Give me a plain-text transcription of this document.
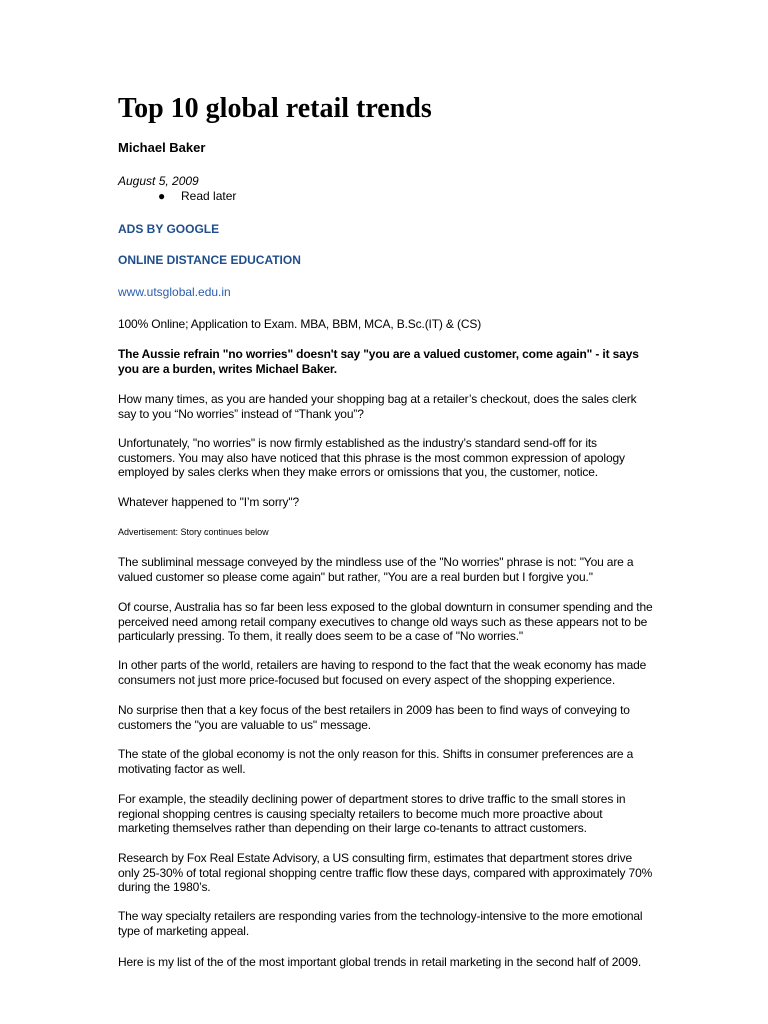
Top 10 global retail trends
Michael Baker
August 5, 2009
● Read later
ADS BY GOOGLE
ONLINE DISTANCE EDUCATION
www.utsglobal.edu.in

100% Online; Application to Exam. MBA, BBM, MCA, B.Sc.(IT) & (CS)

The Aussie refrain "no worries" doesn't say "you are a valued customer, come again" - it says you are a burden, writes Michael Baker.

How many times, as you are handed your shopping bag at a retailer’s checkout, does the sales clerk say to you “No worries” instead of “Thank you”?

Unfortunately, "no worries" is now firmly established as the industry’s standard send-off for its customers. You may also have noticed that this phrase is the most common expression of apology employed by sales clerks when they make errors or omissions that you, the customer, notice.

Whatever happened to "I’m sorry"?

Advertisement: Story continues below

The subliminal message conveyed by the mindless use of the "No worries" phrase is not: "You are a valued customer so please come again" but rather, "You are a real burden but I forgive you."

Of course, Australia has so far been less exposed to the global downturn in consumer spending and the perceived need among retail company executives to change old ways such as these appears not to be particularly pressing. To them, it really does seem to be a case of "No worries."

In other parts of the world, retailers are having to respond to the fact that the weak economy has made consumers not just more price-focused but focused on every aspect of the shopping experience.

No surprise then that a key focus of the best retailers in 2009 has been to find ways of conveying to customers the "you are valuable to us" message.

The state of the global economy is not the only reason for this. Shifts in consumer preferences are a motivating factor as well.

For example, the steadily declining power of department stores to drive traffic to the small stores in regional shopping centres is causing specialty retailers to become much more proactive about marketing themselves rather than depending on their large co-tenants to attract customers.

Research by Fox Real Estate Advisory, a US consulting firm, estimates that department stores drive only 25-30% of total regional shopping centre traffic flow these days, compared with approximately 70% during the 1980’s.

The way specialty retailers are responding varies from the technology-intensive to the more emotional type of marketing appeal.

Here is my list of the of the most important global trends in retail marketing in the second half of 2009.
